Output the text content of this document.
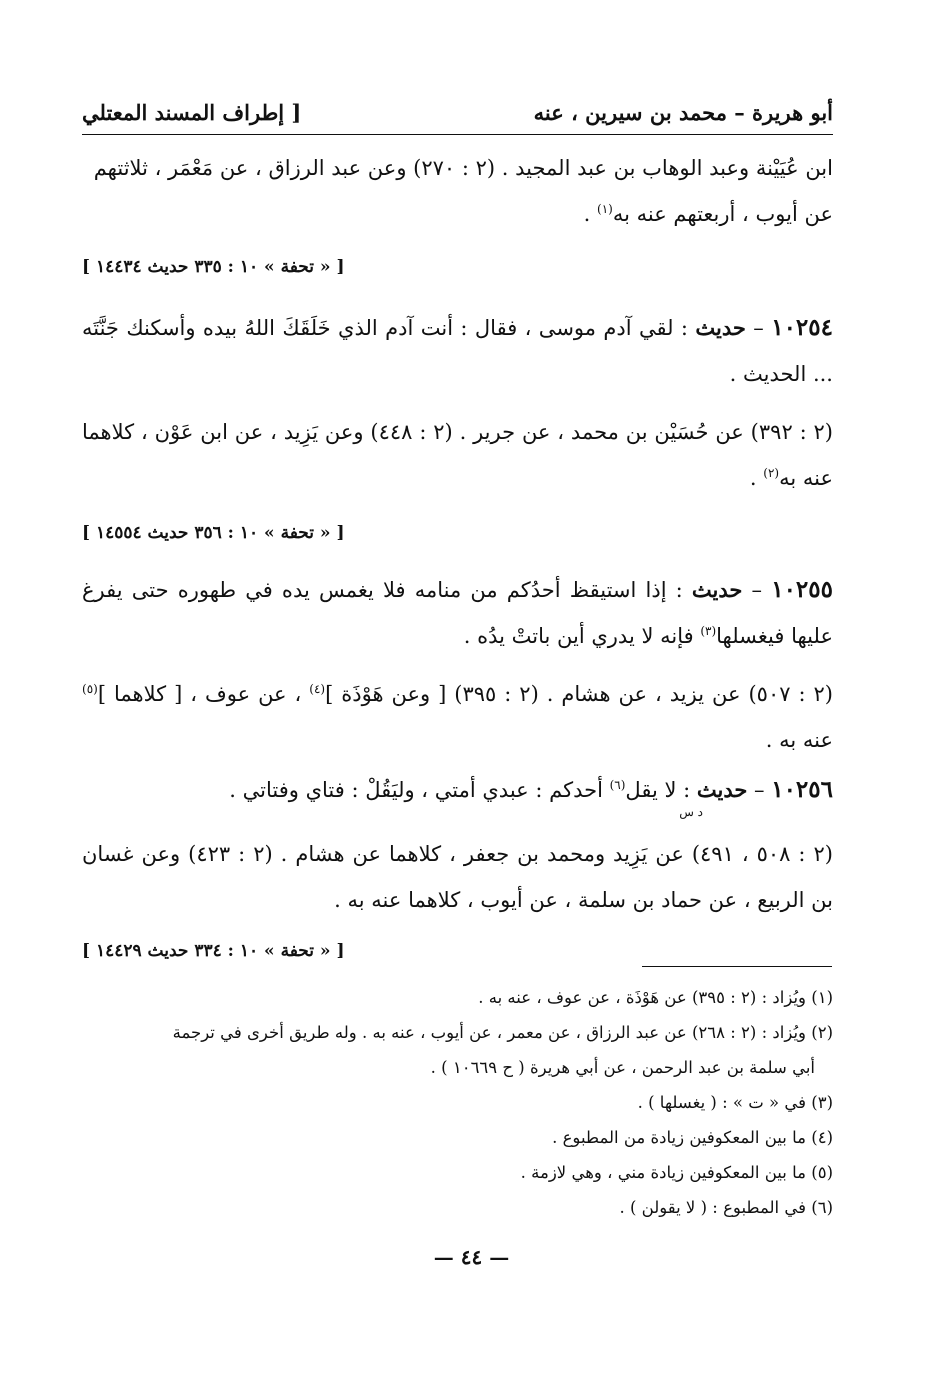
أبو هريرة – محمد بن سيرين ، عنه
[ إطراف المسند المعتلي

ابن عُيَيْنة وعبد الوهاب بن عبد المجيد . (٢ : ٢٧٠) وعن عبد الرزاق ، عن مَعْمَر ، ثلاثتهم

عن أيوب ، أربعتهم عنه به$^{(١)}$ .

[ « تحفة » ١٠ : ٣٣٥ حديث ١٤٤٣٤ ]

١٠٢٥٤ – حديث : لقي آدم موسى ، فقال : أنت آدم الذي خَلَقَكَ اللهُ بيده وأسكنك جَنَّتَه ... الحديث .

(٢ : ٣٩٢) عن حُسَيْن بن محمد ، عن جرير . (٢ : ٤٤٨) وعن يَزِيد ، عن ابن عَوْن ، كلاهما عنه به$^{(٢)}$ .

[ « تحفة » ١٠ : ٣٥٦ حديث ١٤٥٥٤ ]

١٠٢٥٥ – حديث : إذا استيقظ أحدُكم من منامه فلا يغمس يده في طهوره حتى يفرغ عليها فيغسلها$^{(٣)}$ فإنه لا يدري أين باتتْ يدُه .

(٢ : ٥٠٧) عن يزيد ، عن هشام . (٢ : ٣٩٥) [ وعن هَوْذَة ]$^{(٤)}$ ، عن عوف ، [ كلاهما ]$^{(٥)}$ عنه به .

١٠٢٥٦ – حديث : لا يقل$^{(٦)}$ أحدكم : عبدي أمتي ، وليَقُلْ : فتاي وفتاتي .

د س

(٢ : ٥٠٨ ، ٤٩١) عن يَزِيد ومحمد بن جعفر ، كلاهما عن هشام . (٢ : ٤٢٣) وعن غسان بن الربيع ، عن حماد بن سلمة ، عن أيوب ، كلاهما عنه به .

[ « تحفة » ١٠ : ٣٣٤ حديث ١٤٤٢٩ ]

(١) ويُزاد : (٢ : ٣٩٥) عن هَوْذَة ، عن عوف ، عنه به .

(٢) ويُزاد : (٢ : ٢٦٨) عن عبد الرزاق ، عن معمر ، عن أيوب ، عنه به . وله طريق أخرى في ترجمة

أبي سلمة بن عبد الرحمن ، عن أبي هريرة ( ح ١٠٦٦٩ ) .

(٣) في « ت » : ( يغسلها ) .

(٤) ما بين المعكوفين زيادة من المطبوع .

(٥) ما بين المعكوفين زيادة مني ، وهي لازمة .

(٦) في المطبوع : ( لا يقولن ) .

— ٤٤ —
